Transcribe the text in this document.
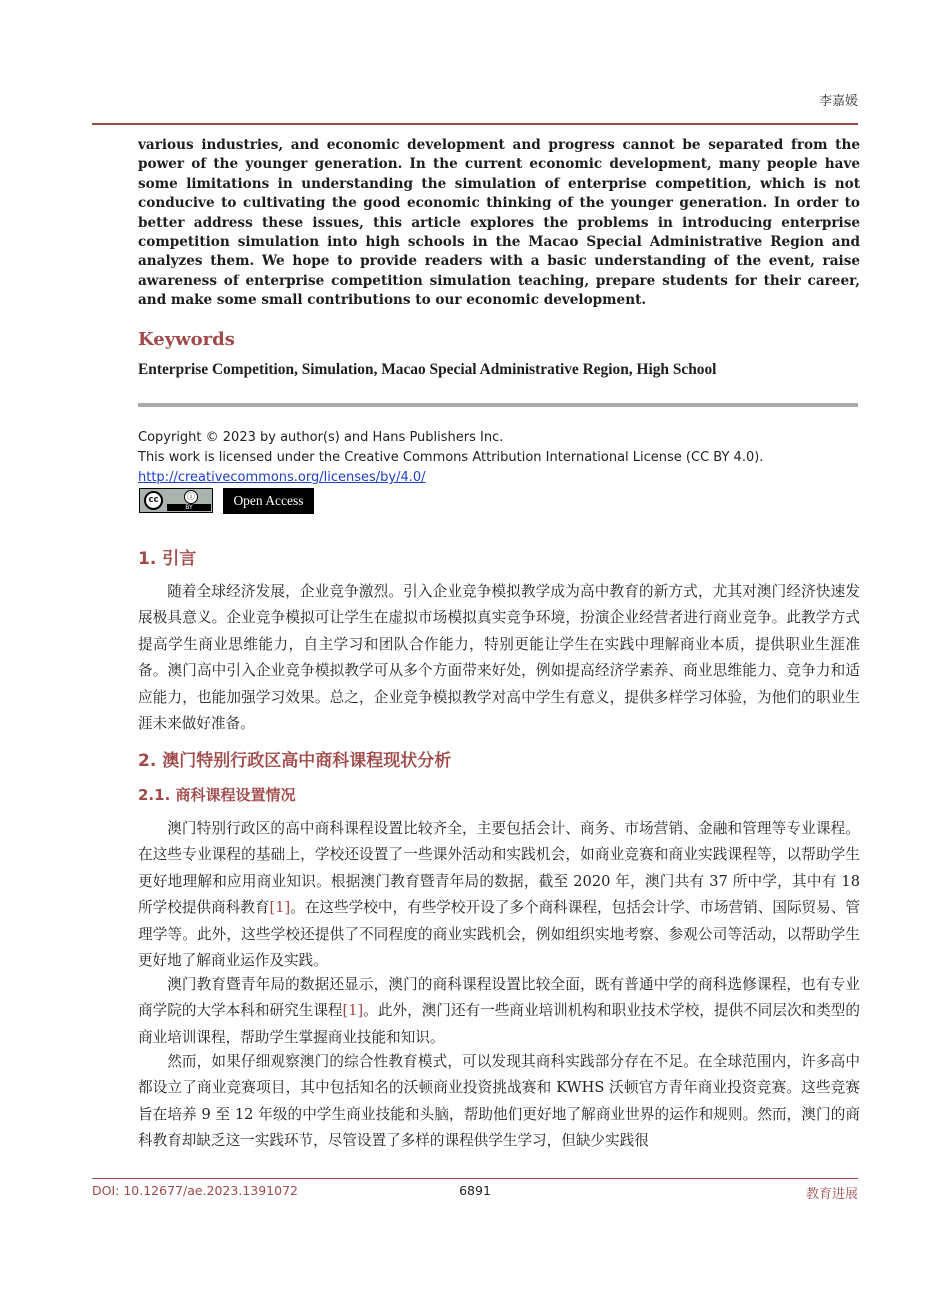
李嘉媛
various industries, and economic development and progress cannot be separated from the power of the younger generation. In the current economic development, many people have some limitations in understanding the simulation of enterprise competition, which is not conducive to cultivating the good economic thinking of the younger generation. In order to better address these issues, this article explores the problems in introducing enterprise competition simulation into high schools in the Macao Special Administrative Region and analyzes them. We hope to provide readers with a basic understanding of the event, raise awareness of enterprise competition simulation teaching, prepare students for their career, and make some small contributions to our economic development.
Keywords
Enterprise Competition, Simulation, Macao Special Administrative Region, High School
Copyright © 2023 by author(s) and Hans Publishers Inc.
This work is licensed under the Creative Commons Attribution International License (CC BY 4.0).
http://creativecommons.org/licenses/by/4.0/
cc	ⓘ
BY	Open Access
1. 引言
随着全球经济发展，企业竞争激烈。引入企业竞争模拟教学成为高中教育的新方式，尤其对澳门经济快速发展极具意义。企业竞争模拟可让学生在虚拟市场模拟真实竞争环境，扮演企业经营者进行商业竞争。此教学方式提高学生商业思维能力，自主学习和团队合作能力，特别更能让学生在实践中理解商业本质，提供职业生涯准备。澳门高中引入企业竞争模拟教学可从多个方面带来好处，例如提高经济学素养、商业思维能力、竞争力和适应能力，也能加强学习效果。总之，企业竞争模拟教学对高中学生有意义，提供多样学习体验，为他们的职业生涯未来做好准备。
2. 澳门特别行政区高中商科课程现状分析
2.1. 商科课程设置情况
澳门特别行政区的高中商科课程设置比较齐全，主要包括会计、商务、市场营销、金融和管理等专业课程。在这些专业课程的基础上，学校还设置了一些课外活动和实践机会，如商业竞赛和商业实践课程等，以帮助学生更好地理解和应用商业知识。根据澳门教育暨青年局的数据，截至 2020 年，澳门共有 37 所中学，其中有 18 所学校提供商科教育[1]。在这些学校中，有些学校开设了多个商科课程，包括会计学、市场营销、国际贸易、管理学等。此外，这些学校还提供了不同程度的商业实践机会，例如组织实地考察、参观公司等活动，以帮助学生更好地了解商业运作及实践。
澳门教育暨青年局的数据还显示，澳门的商科课程设置比较全面，既有普通中学的商科选修课程，也有专业商学院的大学本科和研究生课程[1]。此外，澳门还有一些商业培训机构和职业技术学校，提供不同层次和类型的商业培训课程，帮助学生掌握商业技能和知识。
然而，如果仔细观察澳门的综合性教育模式，可以发现其商科实践部分存在不足。在全球范围内，许多高中都设立了商业竞赛项目，其中包括知名的沃顿商业投资挑战赛和 KWHS 沃顿官方青年商业投资竞赛。这些竞赛旨在培养 9 至 12 年级的中学生商业技能和头脑，帮助他们更好地了解商业世界的运作和规则。然而，澳门的商科教育却缺乏这一实践环节，尽管设置了多样的课程供学生学习，但缺少实践很
DOI: 10.12677/ae.2023.1391072	6891	教育进展
